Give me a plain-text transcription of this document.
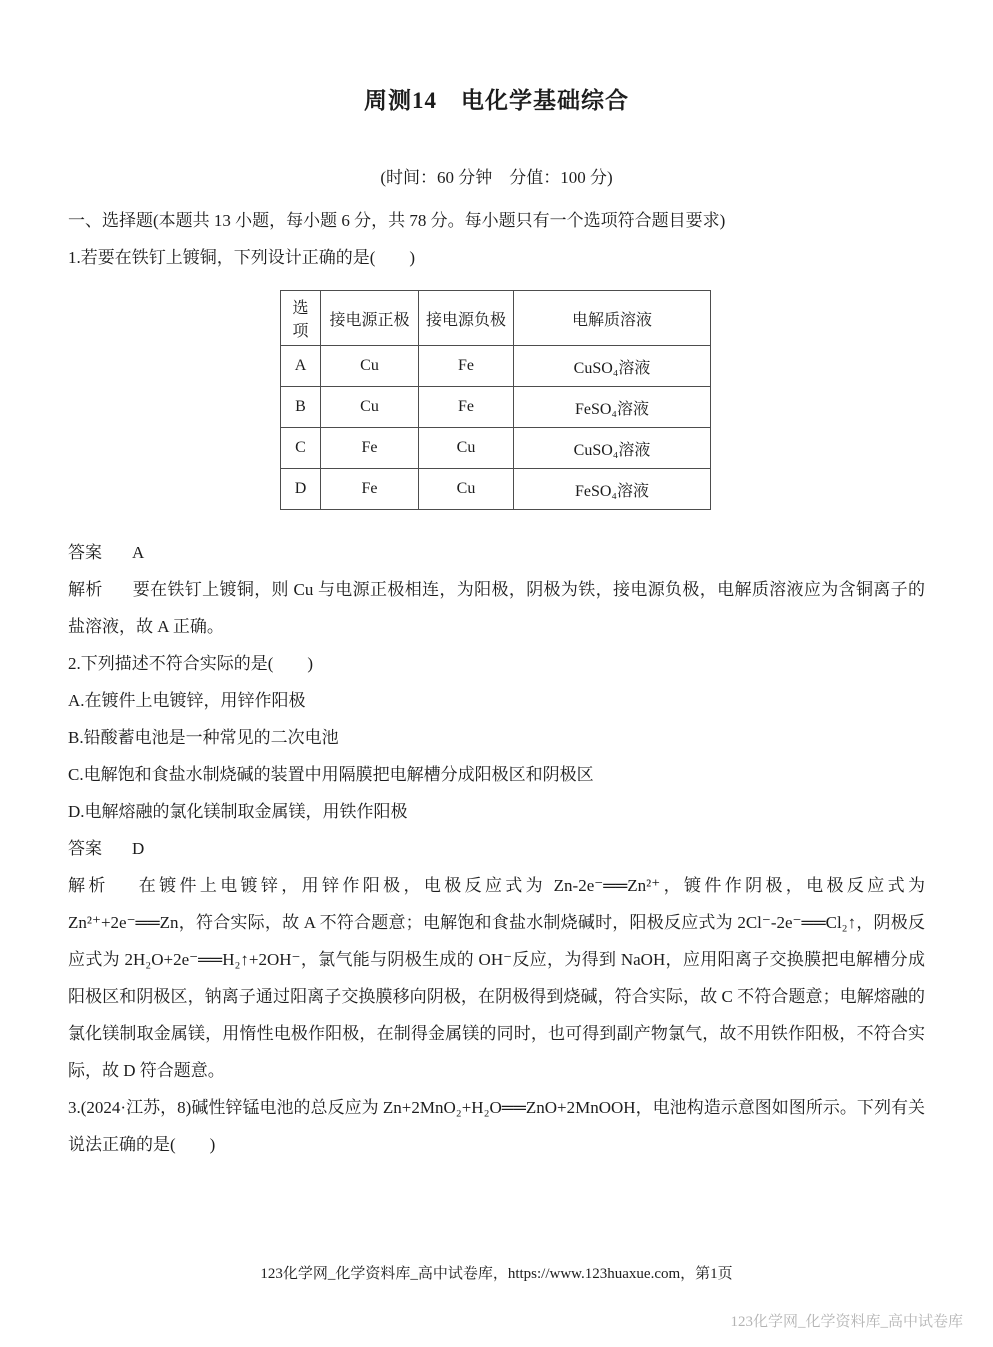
周测14　电化学基础综合

(时间：60 分钟　分值：100 分)

一、选择题(本题共 13 小题，每小题 6 分，共 78 分。每小题只有一个选项符合题目要求)

1.若要在铁钉上镀铜，下列设计正确的是(　　)

选项	接电源正极	接电源负极	电解质溶液
A	Cu	Fe	CuSO₄溶液
B	Cu	Fe	FeSO₄溶液
C	Fe	Cu	CuSO₄溶液
D	Fe	Cu	FeSO₄溶液

答案 A

解析 要在铁钉上镀铜，则 Cu 与电源正极相连，为阳极，阴极为铁，接电源负极，电解质溶液应为含铜离子的盐溶液，故 A 正确。

2.下列描述不符合实际的是(　　)

A.在镀件上电镀锌，用锌作阳极

B.铅酸蓄电池是一种常见的二次电池

C.电解饱和食盐水制烧碱的装置中用隔膜把电解槽分成阳极区和阴极区

D.电解熔融的氯化镁制取金属镁，用铁作阳极

答案 D

解析 在镀件上电镀锌，用锌作阳极，电极反应式为 Zn-2e⁻══Zn²⁺，镀件作阴极，电极反应式为 Zn²⁺+2e⁻══Zn，符合实际，故 A 不符合题意；电解饱和食盐水制烧碱时，阳极反应式为 2Cl⁻-2e⁻══Cl₂↑，阴极反应式为 2H₂O+2e⁻══H₂↑+2OH⁻，氯气能与阴极生成的 OH⁻反应，为得到 NaOH，应用阳离子交换膜把电解槽分成阳极区和阴极区，钠离子通过阳离子交换膜移向阴极，在阴极得到烧碱，符合实际，故 C 不符合题意；电解熔融的氯化镁制取金属镁，用惰性电极作阳极，在制得金属镁的同时，也可得到副产物氯气，故不用铁作阳极，不符合实际，故 D 符合题意。

3.(2024·江苏，8)碱性锌锰电池的总反应为 Zn+2MnO₂+H₂O══ZnO+2MnOOH，电池构造示意图如图所示。下列有关说法正确的是(　　)

123化学网_化学资料库_高中试卷库，https://www.123huaxue.com，第1页
123化学网_化学资料库_高中试卷库
